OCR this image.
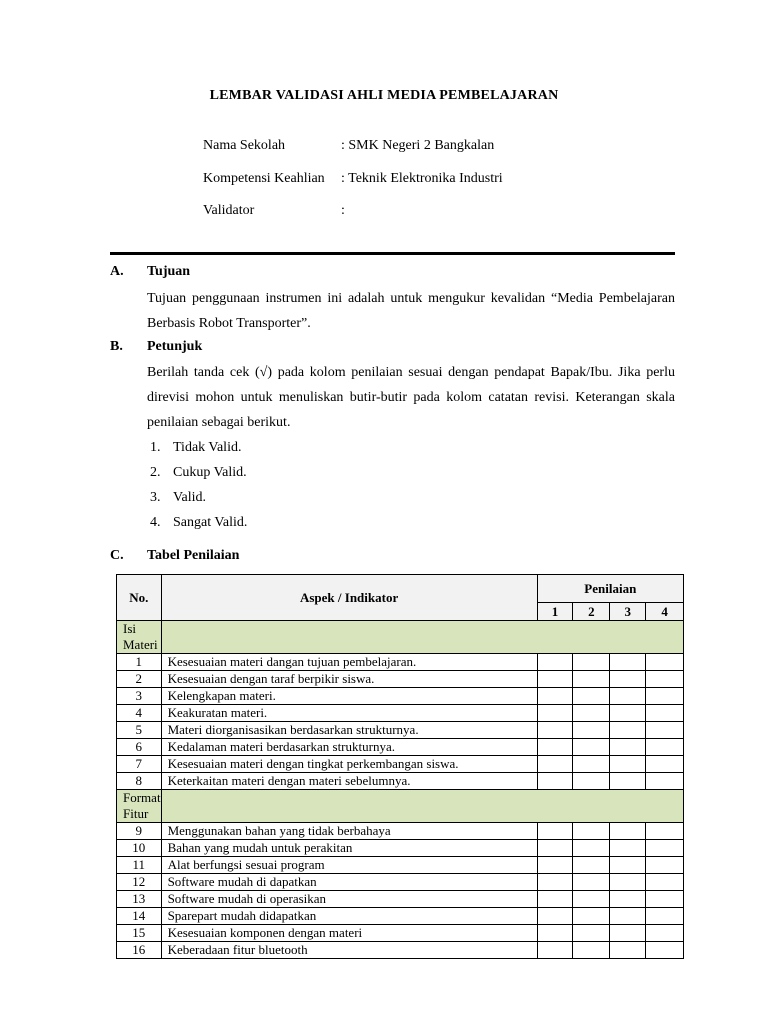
LEMBAR VALIDASI AHLI MEDIA PEMBELAJARAN
Nama Sekolah	: SMK Negeri 2 Bangkalan
Kompetensi Keahlian : Teknik Elektronika Industri
Validator	:
A. Tujuan
Tujuan penggunaan instrumen ini adalah untuk mengukur kevalidan “Media Pembelajaran Berbasis Robot Transporter”.
B. Petunjuk
Berilah tanda cek (√) pada kolom penilaian sesuai dengan pendapat Bapak/Ibu. Jika perlu direvisi mohon untuk menuliskan butir-butir pada kolom catatan revisi. Keterangan skala penilaian sebagai berikut.
1. Tidak Valid.
2. Cukup Valid.
3. Valid.
4. Sangat Valid.
C. Tabel Penilaian
No.	Aspek / Indikator	Penilaian			
		1	2	3	4
Isi Materi					
1	Kesesuaian materi dangan tujuan pembelajaran.				
2	Kesesuaian dengan taraf berpikir siswa.				
3	Kelengkapan materi.				
4	Keakuratan materi.				
5	Materi diorganisasikan berdasarkan strukturnya.				
6	Kedalaman materi berdasarkan strukturnya.				
7	Kesesuaian materi dengan tingkat perkembangan siswa.				
8	Keterkaitan materi dengan materi sebelumnya.				
Format Fitur					
9	Menggunakan bahan yang tidak berbahaya				
10	Bahan yang mudah untuk perakitan				
11	Alat berfungsi sesuai program				
12	Software mudah di dapatkan				
13	Software mudah di operasikan				
14	Sparepart mudah didapatkan				
15	Kesesuaian komponen dengan materi				
16	Keberadaan fitur bluetooth				
